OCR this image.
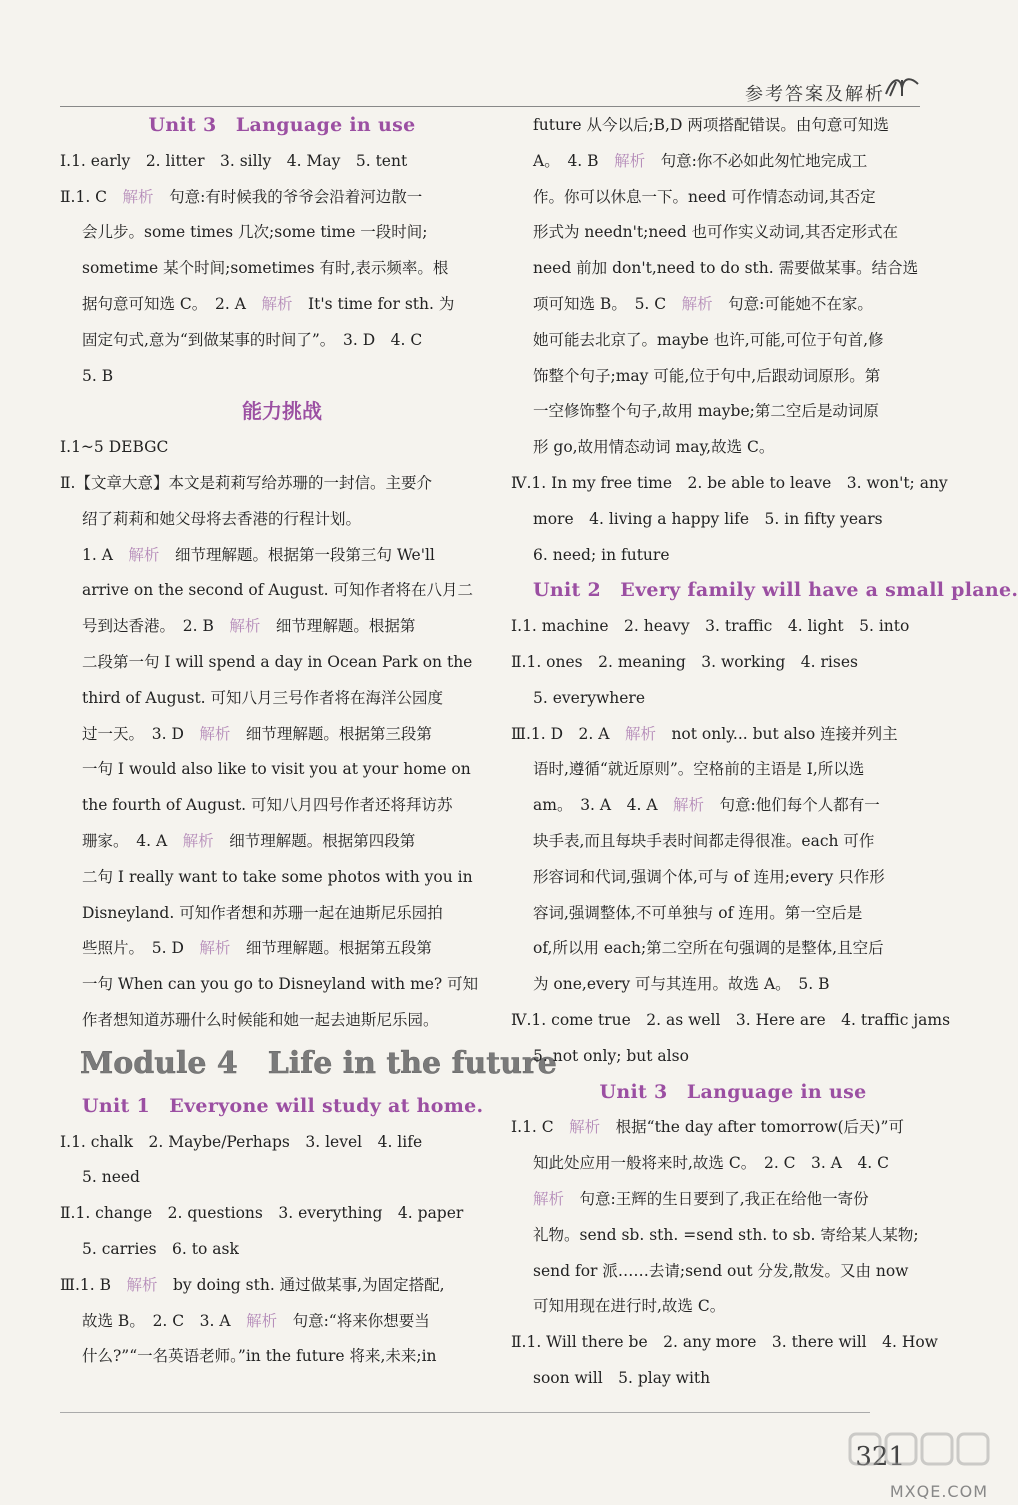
参考答案及解析
Unit 3　Language in use
Ⅰ.1. early　2. litter　3. silly　4. May　5. tent
Ⅱ.1. C　解析　句意:有时候我的爷爷会沿着河边散一
会儿步。some times 几次;some time 一段时间;
sometime 某个时间;sometimes 有时,表示频率。根
据句意可知选 C。　2. A　解析　It's time for sth. 为
固定句式,意为“到做某事的时间了”。　3. D　4. C
5. B
能力挑战
Ⅰ.1~5 DEBGC
Ⅱ.【文章大意】本文是莉莉写给苏珊的一封信。主要介
绍了莉莉和她父母将去香港的行程计划。
1. A　解析　细节理解题。根据第一段第三句 We'll
arrive on the second of August. 可知作者将在八月二
号到达香港。　2. B　解析　细节理解题。根据第
二段第一句 I will spend a day in Ocean Park on the
third of August. 可知八月三号作者将在海洋公园度
过一天。　3. D　解析　细节理解题。根据第三段第
一句 I would also like to visit you at your home on
the fourth of August. 可知八月四号作者还将拜访苏
珊家。　4. A　解析　细节理解题。根据第四段第
二句 I really want to take some photos with you in
Disneyland. 可知作者想和苏珊一起在迪斯尼乐园拍
些照片。　5. D　解析　细节理解题。根据第五段第
一句 When can you go to Disneyland with me? 可知
作者想知道苏珊什么时候能和她一起去迪斯尼乐园。
Module 4　Life in the future
Unit 1　Everyone will study at home.
Ⅰ.1. chalk　2. Maybe/Perhaps　3. level　4. life
5. need
Ⅱ.1. change　2. questions　3. everything　4. paper
5. carries　6. to ask
Ⅲ.1. B　解析　by doing sth. 通过做某事,为固定搭配,
故选 B。　2. C　3. A　解析　句意:“将来你想要当
什么?”“一名英语老师。”in the future 将来,未来;in
future 从今以后;B,D 两项搭配错误。由句意可知选
A。　4. B　解析　句意:你不必如此匆忙地完成工
作。你可以休息一下。need 可作情态动词,其否定
形式为 needn't;need 也可作实义动词,其否定形式在
need 前加 don't,need to do sth. 需要做某事。结合选
项可知选 B。　5. C　解析　句意:可能她不在家。
她可能去北京了。maybe 也许,可能,可位于句首,修
饰整个句子;may 可能,位于句中,后跟动词原形。第
一空修饰整个句子,故用 maybe;第二空后是动词原
形 go,故用情态动词 may,故选 C。
Ⅳ.1. In my free time　2. be able to leave　3. won't; any
more　4. living a happy life　5. in fifty years
6. need; in future
Unit 2　Every family will have a small plane.
Ⅰ.1. machine　2. heavy　3. traffic　4. light　5. into
Ⅱ.1. ones　2. meaning　3. working　4. rises
5. everywhere
Ⅲ.1. D　2. A　解析　not only... but also 连接并列主
语时,遵循“就近原则”。空格前的主语是 I,所以选
am。　3. A　4. A　解析　句意:他们每个人都有一
块手表,而且每块手表时间都走得很准。each 可作
形容词和代词,强调个体,可与 of 连用;every 只作形
容词,强调整体,不可单独与 of 连用。第一空后是
of,所以用 each;第二空所在句强调的是整体,且空后
为 one,every 可与其连用。故选 A。　5. B
Ⅳ.1. come true　2. as well　3. Here are　4. traffic jams
5. not only; but also
Unit 3　Language in use
Ⅰ.1. C　解析　根据“the day after tomorrow(后天)”可
知此处应用一般将来时,故选 C。　2. C　3. A　4. C
解析　句意:王辉的生日要到了,我正在给他一寄份
礼物。send sb. sth. =send sth. to sb. 寄给某人某物;
send for 派……去请;send out 分发,散发。又由 now
可知用现在进行时,故选 C。
Ⅱ.1. Will there be　2. any more　3. there will　4. How
soon will　5. play with
321
MXQE.COM
